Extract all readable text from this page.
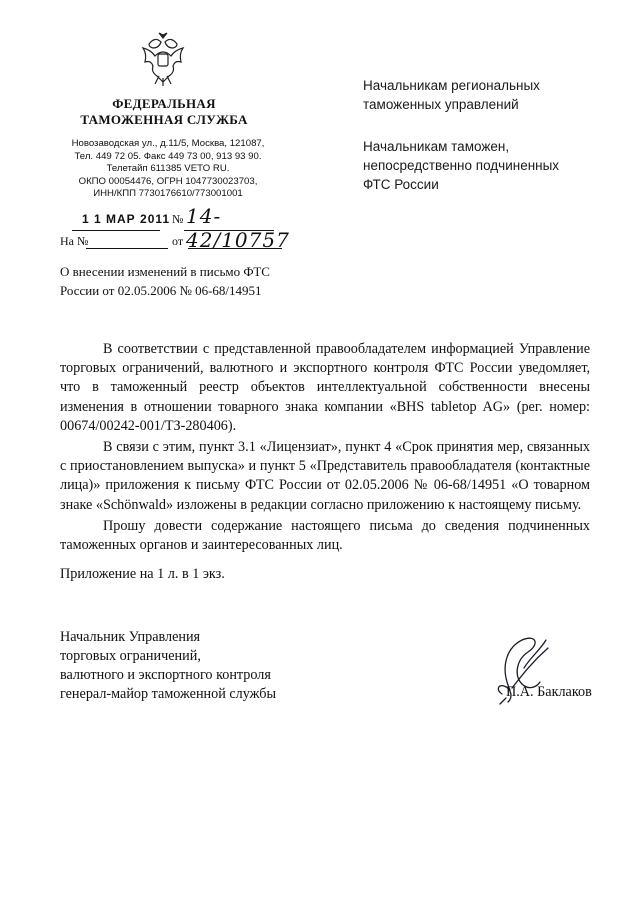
ФЕДЕРАЛЬНАЯ
ТАМОЖЕННАЯ СЛУЖБА
Новозаводская ул., д.11/5, Москва, 121087,
Тел. 449 72 05. Факс 449 73 00, 913 93 90.
Телетайп 611385 VETO RU.
ОКПО 00054476, ОГРН 1047730023703,
ИНН/КПП 7730176610/773001001
1 1 МАР 2011 № 14-42/10757
На №	от
О внесении изменений в письмо ФТС
России от 02.05.2006 № 06-68/14951
Начальникам региональных
таможенных управлений
Начальникам таможен,
непосредственно подчиненных
ФТС России

В соответствии с представленной правообладателем информацией Управление торговых ограничений, валютного и экспортного контроля ФТС России уведомляет, что в таможенный реестр объектов интеллектуальной собственности внесены изменения в отношении товарного знака компании «BHS tabletop AG» (рег. номер: 00674/00242-001/ТЗ-280406).

В связи с этим, пункт 3.1 «Лицензиат», пункт 4 «Срок принятия мер, связанных с приостановлением выпуска» и пункт 5 «Представитель правообладателя (контактные лица)» приложения к письму ФТС России от 02.05.2006 № 06-68/14951 «О товарном знаке «Schönwald» изложены в редакции согласно приложению к настоящему письму.

Прошу довести содержание настоящего письма до сведения подчиненных таможенных органов и заинтересованных лиц.

Приложение на 1 л. в 1 экз.
Начальник Управления
торговых ограничений,
валютного и экспортного контроля
генерал-майор таможенной службы	П.А. Баклаков
